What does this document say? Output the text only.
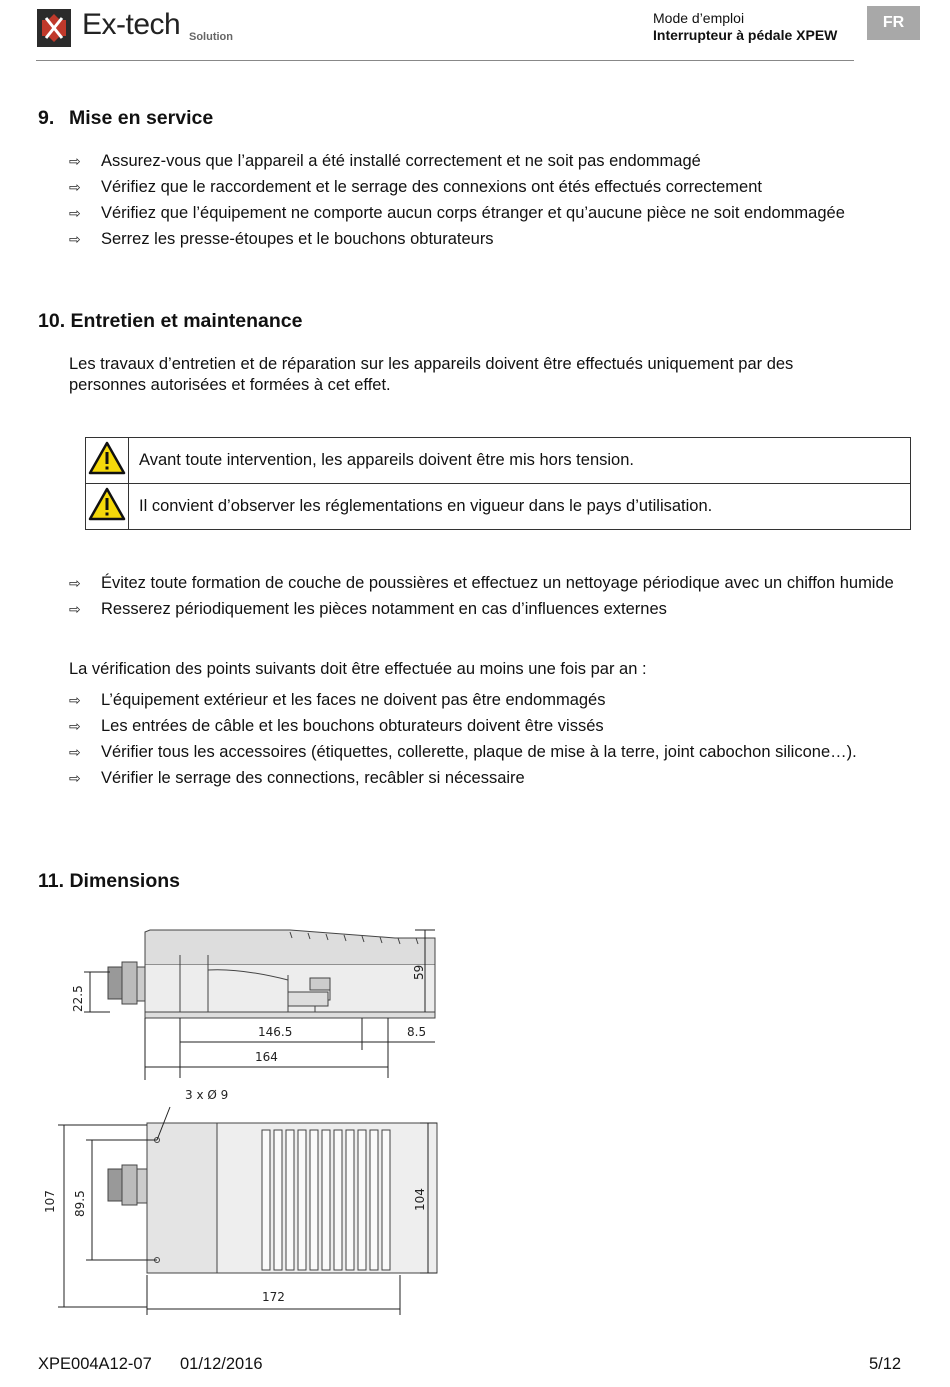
Ex-tech Solution
Mode d’emploi
Interrupteur à pédale XPEW
FR
9. Mise en service
⇨ Assurez-vous que l’appareil a été installé correctement et ne soit pas endommagé
⇨ Vérifiez que le raccordement et le serrage des connexions ont étés effectués correctement
⇨ Vérifiez que l’équipement ne comporte aucun corps étranger et qu’aucune pièce ne soit endommagée
⇨ Serrez les presse-étoupes et le bouchons obturateurs
10. Entretien et maintenance

Les travaux d’entretien et de réparation sur les appareils doivent être effectués uniquement par des personnes autorisées et formées à cet effet.

	Avant toute intervention, les appareils doivent être mis hors tension.
	Il convient d’observer les réglementations en vigueur dans le pays d’utilisation.
⇨ Évitez toute formation de couche de poussières et effectuez un nettoyage périodique avec un chiffon humide
⇨ Resserez périodiquement les pièces notamment en cas d’influences externes

La vérification des points suivants doit être effectuée au moins une fois par an :

⇨ L’équipement extérieur et les faces ne doivent pas être endommagés
⇨ Les entrées de câble et les bouchons obturateurs doivent être vissés
⇨ Vérifier tous les accessoires (étiquettes, collerette, plaque de mise à la terre, joint cabochon silicone…).
⇨ Vérifier le serrage des connections, recâbler si nécessaire
11. Dimensions
22.5
59
146.5	8.5
164
3 x Ø 9
107 89.5	104
172
XPE004A12-07 01/12/2016	5/12
